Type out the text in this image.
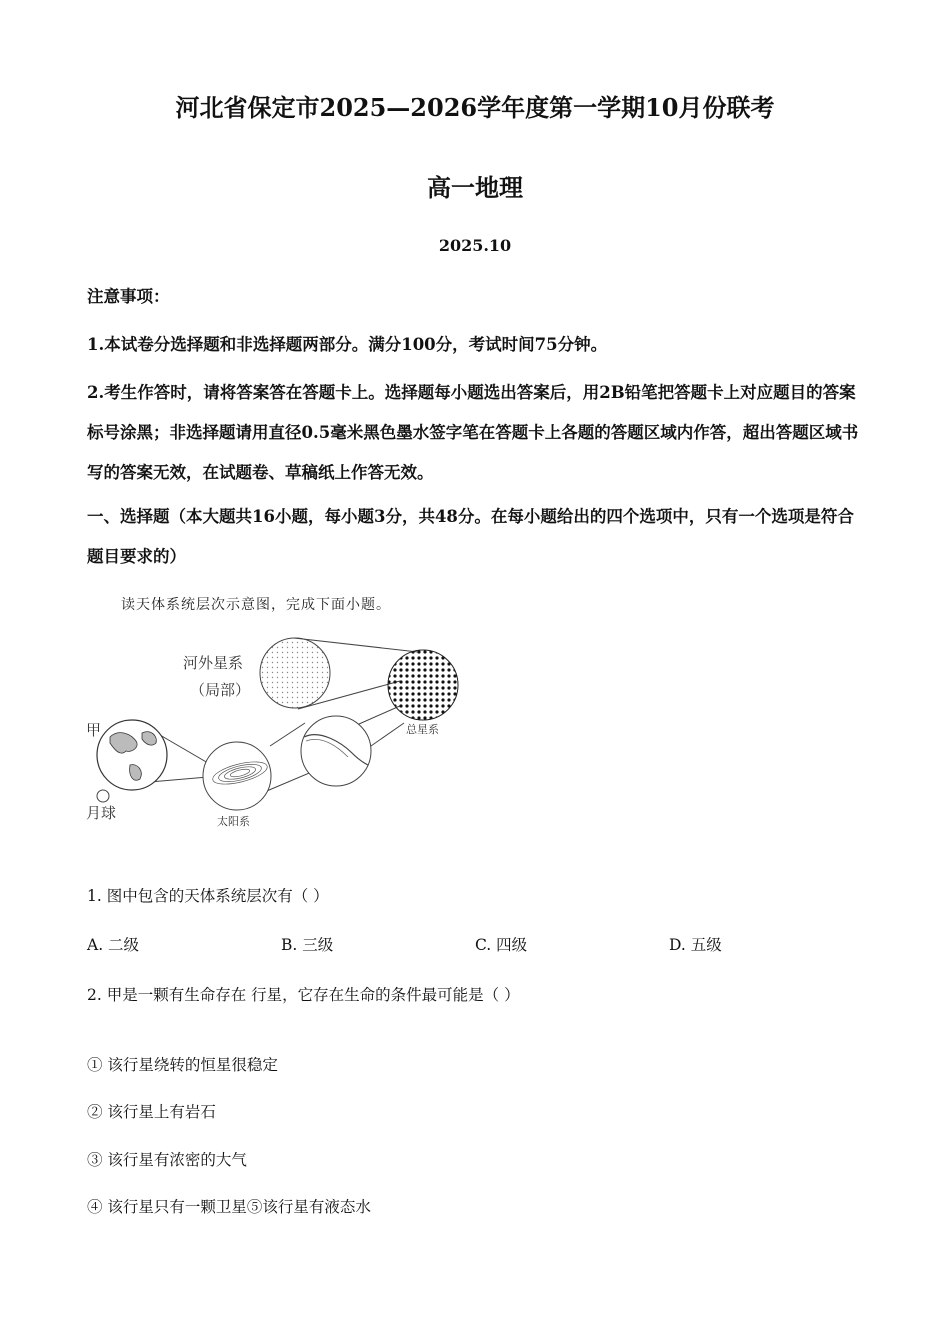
河北省保定市2025—2026学年度第一学期10月份联考
高一地理
2025.10
注意事项：
1.本试卷分选择题和非选择题两部分。满分100分，考试时间75分钟。
2.考生作答时，请将答案答在答题卡上。选择题每小题选出答案后，用2B铅笔把答题卡上对应题目的答案标号涂黑；非选择题请用直径0.5毫米黑色墨水签字笔在答题卡上各题的答题区域内作答，超出答题区域书写的答案无效，在试题卷、草稿纸上作答无效。
一、选择题（本大题共16小题，每小题3分，共48分。在每小题给出的四个选项中，只有一个选项是符合题目要求的）
读天体系统层次示意图，完成下面小题。
河外星系
（局部）
总星系
甲
月球	太阳系
1. 图中包含的天体系统层次有（ ）
A. 二级	B. 三级	C. 四级	D. 五级
2. 甲是一颗有生命存在 行星，它存在生命的条件最可能是（ ）
① 该行星绕转的恒星很稳定
② 该行星上有岩石
③ 该行星有浓密的大气
④ 该行星只有一颗卫星⑤该行星有液态水
